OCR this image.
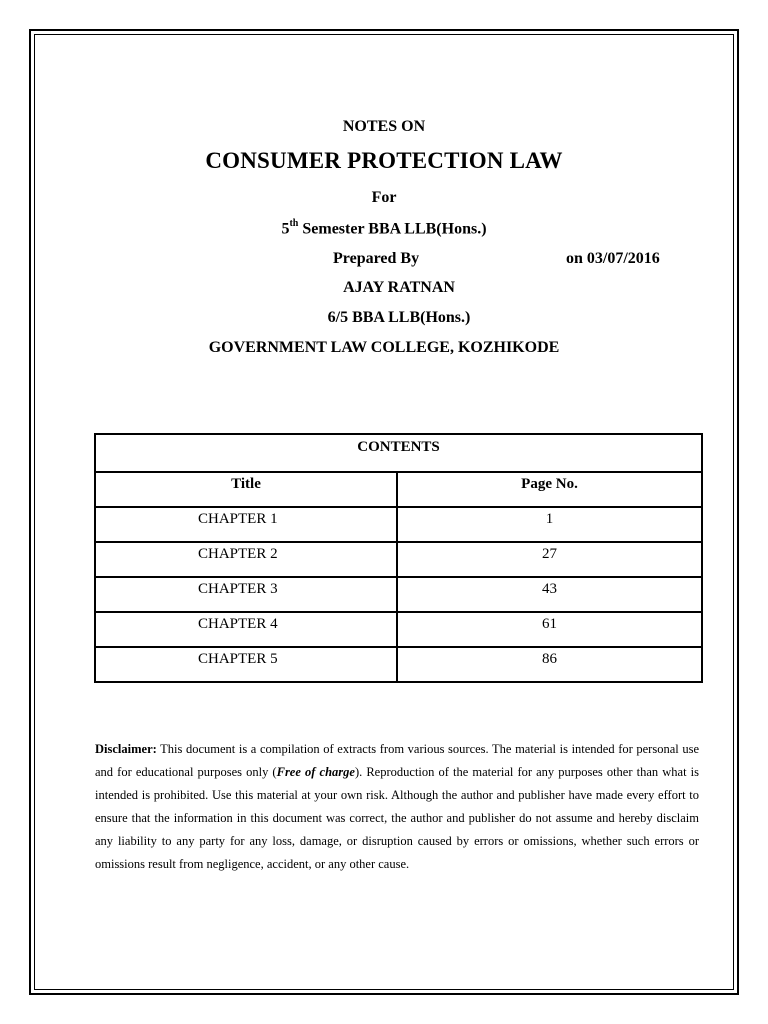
NOTES ON
CONSUMER PROTECTION LAW
For
5th Semester BBA LLB(Hons.)
Prepared By	on 03/07/2016
AJAY RATNAN
6/5 BBA LLB(Hons.)
GOVERNMENT LAW COLLEGE, KOZHIKODE
CONTENTS	
Title	Page No.
CHAPTER 1	1
CHAPTER 2	27
CHAPTER 3	43
CHAPTER 4	61
CHAPTER 5	86
Disclaimer: This document is a compilation of extracts from various sources. The material is intended for personal use and for educational purposes only (Free of charge). Reproduction of the material for any purposes other than what is intended is prohibited. Use this material at your own risk. Although the author and publisher have made every effort to ensure that the information in this document was correct, the author and publisher do not assume and hereby disclaim any liability to any party for any loss, damage, or disruption caused by errors or omissions, whether such errors or omissions result from negligence, accident, or any other cause.
